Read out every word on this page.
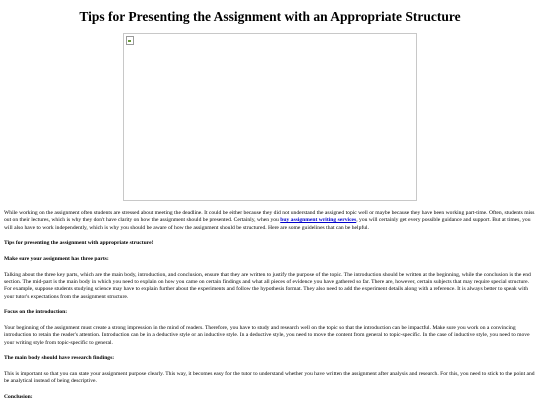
Tips for Presenting the Assignment with an Appropriate Structure

While working on the assignment often students are stressed about meeting the deadline. It could be either because they did not understand the assigned topic well or maybe because they have been working part-time. Often, students miss out on their lectures, which is why they don't have clarity on how the assignment should be presented. Certainly, when you buy assignment writing services, you will certainly get every possible guidance and support. But at times, you will also have to work independently, which is why you should be aware of how the assignment should be structured. Here are some guidelines that can be helpful.

Tips for presenting the assignment with appropriate structure!

Make sure your assignment has three parts:

Talking about the three key parts, which are the main body, introduction, and conclusion, ensure that they are written to justify the purpose of the topic. The introduction should be written at the beginning, while the conclusion is the end section. The mid-part is the main body in which you need to explain on how you came on certain findings and what all pieces of evidence you have gathered so far. There are, however, certain subjects that may require special structure. For example, suppose students studying science may have to explain further about the experiments and follow the hypothesis format. They also need to add the experiment details along with a reference. It is always better to speak with your tutor's expectations from the assignment structure.

Focus on the introduction:

Your beginning of the assignment must create a strong impression in the mind of readers. Therefore, you have to study and research well on the topic so that the introduction can be impactful. Make sure you work on a convincing introduction to retain the reader's attention. Introduction can be in a deductive style or an inductive style. In a deductive style, you need to move the content from general to topic-specific. In the case of inductive style, you need to move your writing style from topic-specific to general.

The main body should have research findings:

This is important so that you can state your assignment purpose clearly. This way, it becomes easy for the tutor to understand whether you have written the assignment after analysis and research. For this, you need to stick to the point and be analytical instead of being descriptive.

Conclusion:
